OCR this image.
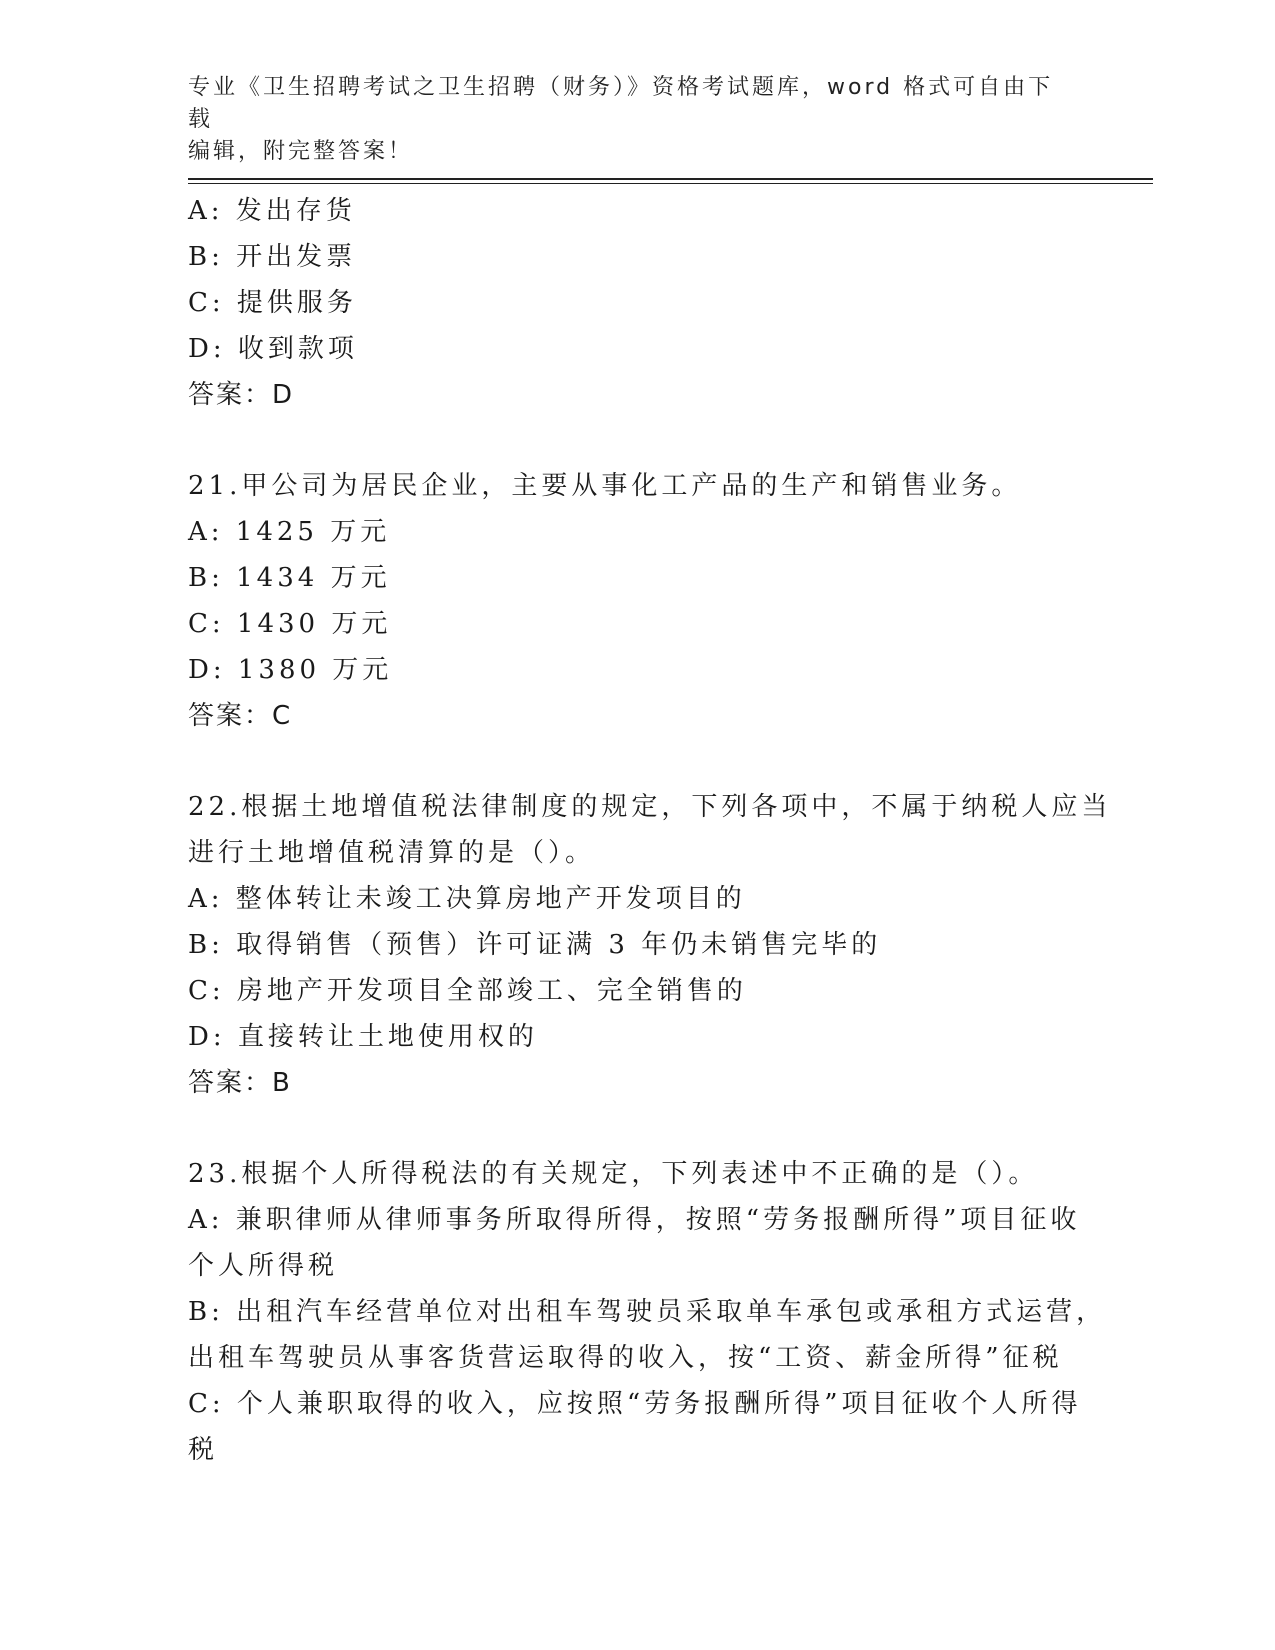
专业《卫生招聘考试之卫生招聘（财务）》资格考试题库，word 格式可自由下载
编辑，附完整答案！
A: 发出存货
B: 开出发票
C: 提供服务
D: 收到款项
答案：D
21.甲公司为居民企业，主要从事化工产品的生产和销售业务。
A: 1425 万元
B: 1434 万元
C: 1430 万元
D: 1380 万元
答案：C
22.根据土地增值税法律制度的规定，下列各项中，不属于纳税人应当
进行土地增值税清算的是（）。
A: 整体转让未竣工决算房地产开发项目的
B: 取得销售（预售）许可证满 3 年仍未销售完毕的
C: 房地产开发项目全部竣工、完全销售的
D: 直接转让土地使用权的
答案：B
23.根据个人所得税法的有关规定，下列表述中不正确的是（）。
A: 兼职律师从律师事务所取得所得，按照“劳务报酬所得”项目征收
个人所得税
B: 出租汽车经营单位对出租车驾驶员采取单车承包或承租方式运营，
出租车驾驶员从事客货营运取得的收入，按“工资、薪金所得”征税
C: 个人兼职取得的收入，应按照“劳务报酬所得”项目征收个人所得
税
